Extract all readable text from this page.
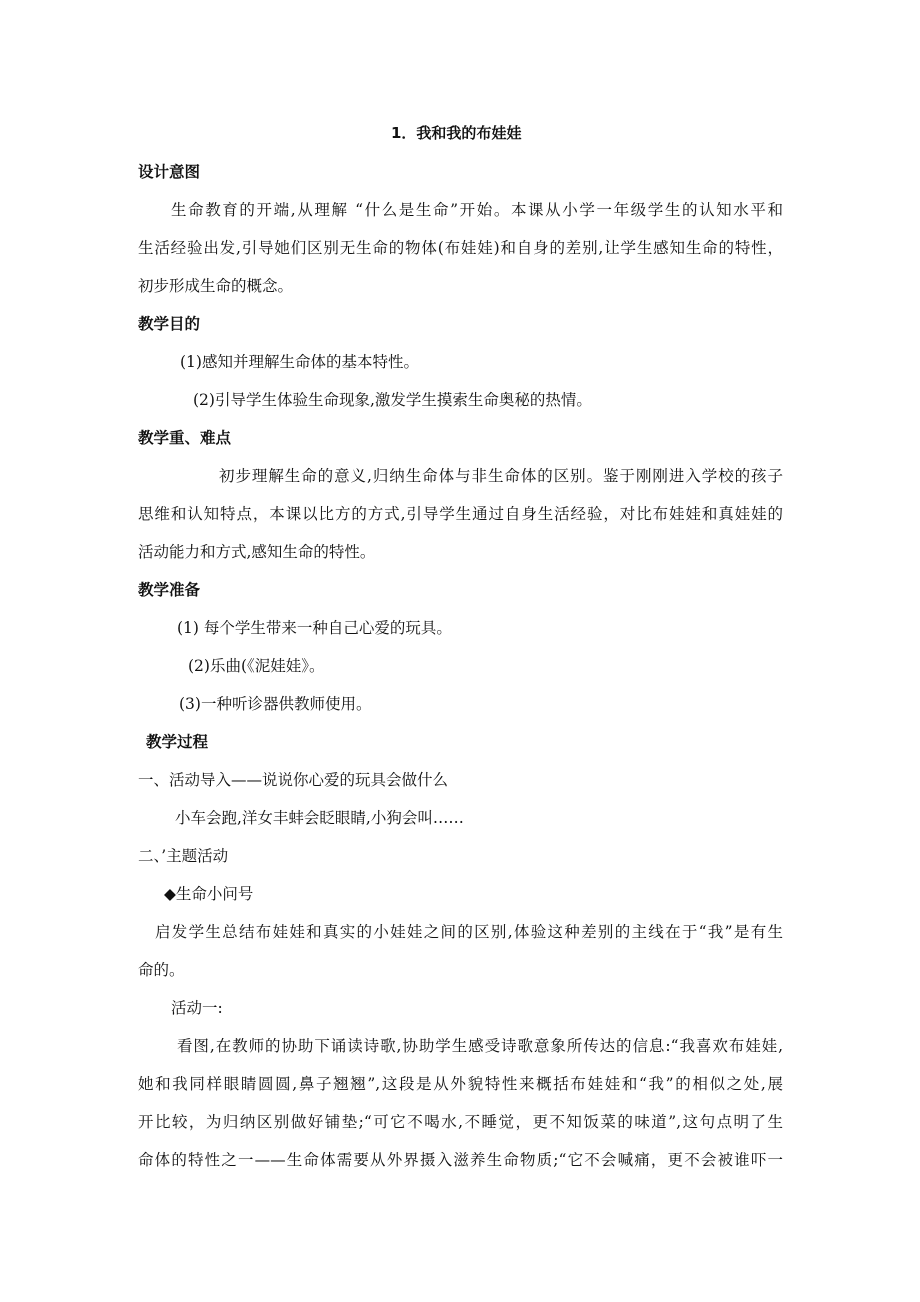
1．我和我的布娃娃
设计意图
生命教育的开端,从理解 “什么是生命”开始。本课从小学一年级学生的认知水平和
生活经验出发,引导她们区别无生命的物体(布娃娃)和自身的差别,让学生感知生命的特性，
初步形成生命的概念。
教学目的
(1)感知并理解生命体的基本特性。
(2)引导学生体验生命现象,激发学生摸索生命奥秘的热情。
教学重、难点
初步理解生命的意义,归纳生命体与非生命体的区别。鉴于刚刚进入学校的孩子
思维和认知特点，本课以比方的方式,引导学生通过自身生活经验，对比布娃娃和真娃娃的
活动能力和方式,感知生命的特性。
教学准备
(1) 每个学生带来一种自己心爱的玩具。
(2)乐曲(《泥娃娃》。
(3)一种听诊器供教师使用。
教学过程
一、活动导入——说说你心爱的玩具会做什么
小车会跑,洋女丰蚌会眨眼睛,小狗会叫……
二、’主题活动
◆生命小问号
启发学生总结布娃娃和真实的小娃娃之间的区别,体验这种差别的主线在于“我”是有生
命的。
活动一:
看图,在教师的协助下诵读诗歌,协助学生感受诗歌意象所传达的信息:“我喜欢布娃娃,
她和我同样眼睛圆圆,鼻子翘翘”,这段是从外貌特性来概括布娃娃和“我”的相似之处,展
开比较，为归纳区别做好铺垫;“可它不喝水,不睡觉，更不知饭菜的味道”,这句点明了生
命体的特性之一——生命体需要从外界摄入滋养生命物质;“它不会喊痛，更不会被谁吓一
